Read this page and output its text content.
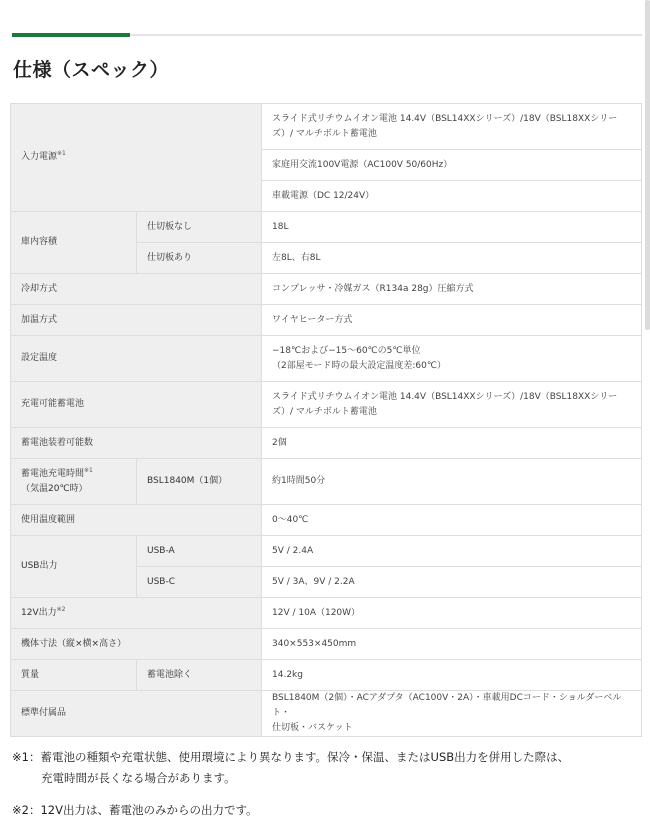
仕様（スペック）
入力電源$^{※1}$		スライド式リチウムイオン電池 14.4V（BSL14XXシリーズ）/18V（BSL18XXシリーズ）/ マルチボルト蓄電池
		家庭用交流100V電源（AC100V 50/60Hz）
		車載電源（DC 12/24V）
庫内容積	仕切板なし	18L
	仕切板あり	左8L、右8L
冷却方式		コンプレッサ・冷媒ガス（R134a 28g）圧縮方式
加温方式		ワイヤヒーター方式
設定温度		−18℃および−15〜60℃の5℃単位
（2部屋モード時の最大設定温度差:60℃）

充電可能蓄電池		スライド式リチウムイオン電池 14.4V（BSL14XXシリーズ）/18V（BSL18XXシリーズ）/ マルチボルト蓄電池
蓄電池装着可能数		2個

蓄電池充電時間$^{※1}$
（気温20℃時）	BSL1840M（1個）	約1時間50分
使用温度範囲		0〜40℃
USB出力	USB-A	5V / 2.4A
	USB-C	5V / 3A、9V / 2.2A
12V出力$^{※2}$		12V / 10A（120W）
機体寸法（縦×横×高さ）		340×553×450mm
質量	蓄電池除く	14.2kg
標準付属品		BSL1840M（2個）・ACアダプタ（AC100V・2A）・車載用DCコード・ショルダーベルト・
仕切板・バスケット
※1：蓄電池の種類や充電状態、使用環境により異なります。保冷・保温、またはUSB出力を併用した際は、
充電時間が長くなる場合があります。
※2：12V出力は、蓄電池のみからの出力です。
